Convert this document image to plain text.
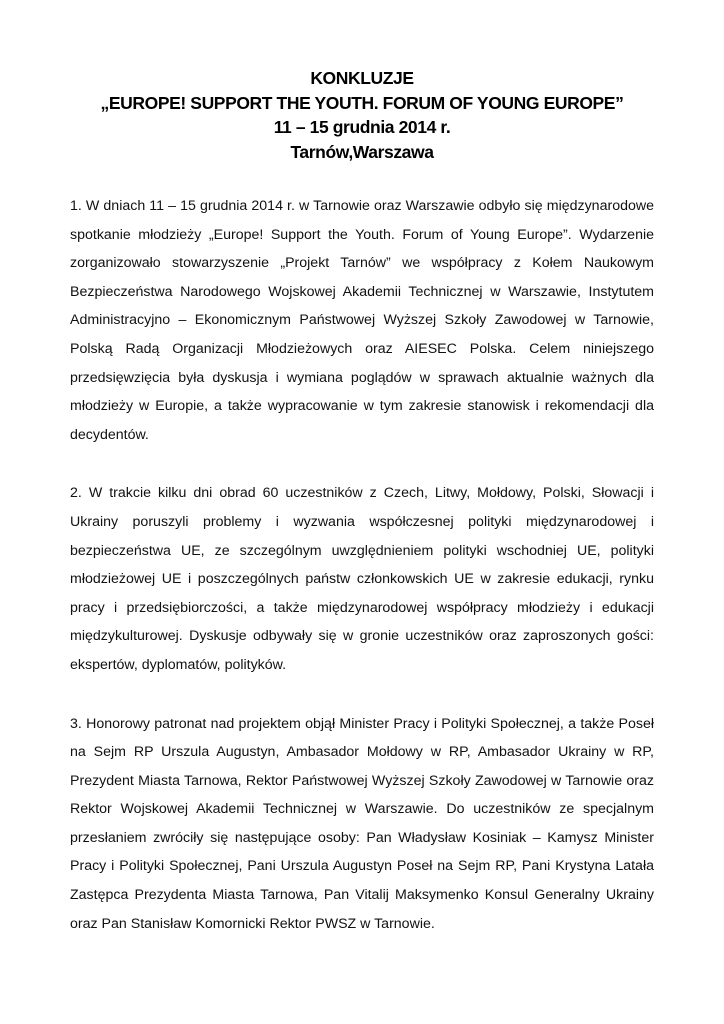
KONKLUZJE
„EUROPE! SUPPORT THE YOUTH. FORUM OF YOUNG EUROPE”
11 – 15 grudnia 2014 r.
Tarnów,Warszawa

1. W dniach 11 – 15 grudnia 2014 r. w Tarnowie oraz Warszawie odbyło się międzynarodowe spotkanie młodzieży „Europe! Support the Youth. Forum of Young Europe”. Wydarzenie zorganizowało stowarzyszenie „Projekt Tarnów” we współpracy z Kołem Naukowym Bezpieczeństwa Narodowego Wojskowej Akademii Technicznej w Warszawie, Instytutem Administracyjno – Ekonomicznym Państwowej Wyższej Szkoły Zawodowej w Tarnowie, Polską Radą Organizacji Młodzieżowych oraz AIESEC Polska. Celem niniejszego przedsięwzięcia była dyskusja i wymiana poglądów w sprawach aktualnie ważnych dla młodzieży w Europie, a także wypracowanie w tym zakresie stanowisk i rekomendacji dla decydentów.

2. W trakcie kilku dni obrad 60 uczestników z Czech, Litwy, Mołdowy, Polski, Słowacji i Ukrainy poruszyli problemy i wyzwania współczesnej polityki międzynarodowej i bezpieczeństwa UE, ze szczególnym uwzględnieniem polityki wschodniej UE, polityki młodzieżowej UE i poszczególnych państw członkowskich UE w zakresie edukacji, rynku pracy i przedsiębiorczości, a także międzynarodowej współpracy młodzieży i edukacji międzykulturowej. Dyskusje odbywały się w gronie uczestników oraz zaproszonych gości: ekspertów, dyplomatów, polityków.

3. Honorowy patronat nad projektem objął Minister Pracy i Polityki Społecznej, a także Poseł na Sejm RP Urszula Augustyn, Ambasador Mołdowy w RP, Ambasador Ukrainy w RP, Prezydent Miasta Tarnowa, Rektor Państwowej Wyższej Szkoły Zawodowej w Tarnowie oraz Rektor Wojskowej Akademii Technicznej w Warszawie. Do uczestników ze specjalnym przesłaniem zwróciły się następujące osoby: Pan Władysław Kosiniak – Kamysz Minister Pracy i Polityki Społecznej, Pani Urszula Augustyn Poseł na Sejm RP, Pani Krystyna Latała Zastępca Prezydenta Miasta Tarnowa, Pan Vitalij Maksymenko Konsul Generalny Ukrainy oraz Pan Stanisław Komornicki Rektor PWSZ w Tarnowie.
